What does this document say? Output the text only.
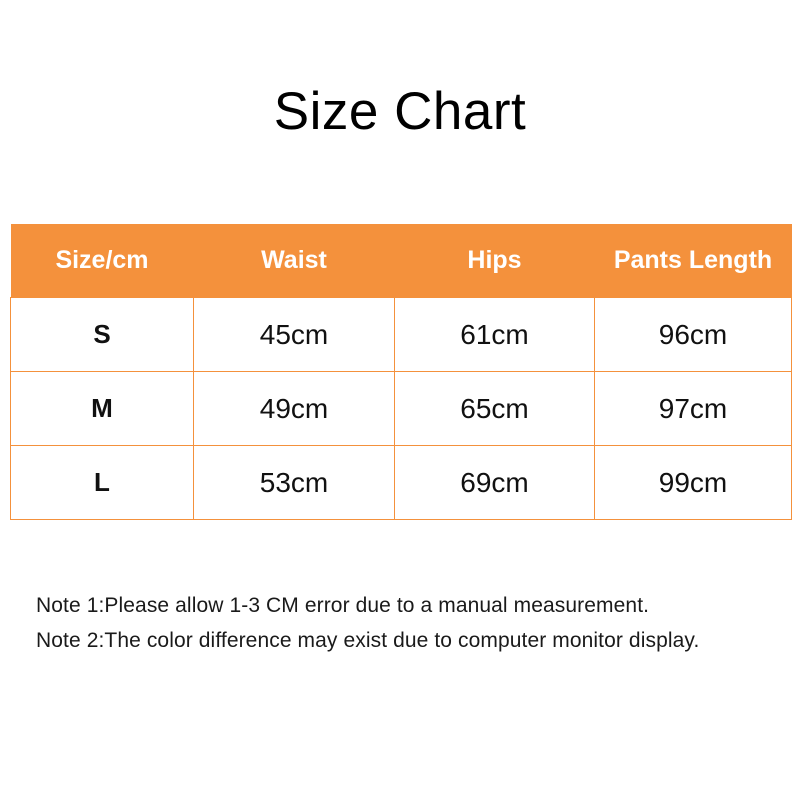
Size Chart
Size/cm	Waist	Hips	Pants Length
S	45cm	61cm	96cm
M	49cm	65cm	97cm
L	53cm	69cm	99cm
Note 1:Please allow 1-3 CM error due to a manual measurement.
Note 2:The color difference may exist due to computer monitor display.
